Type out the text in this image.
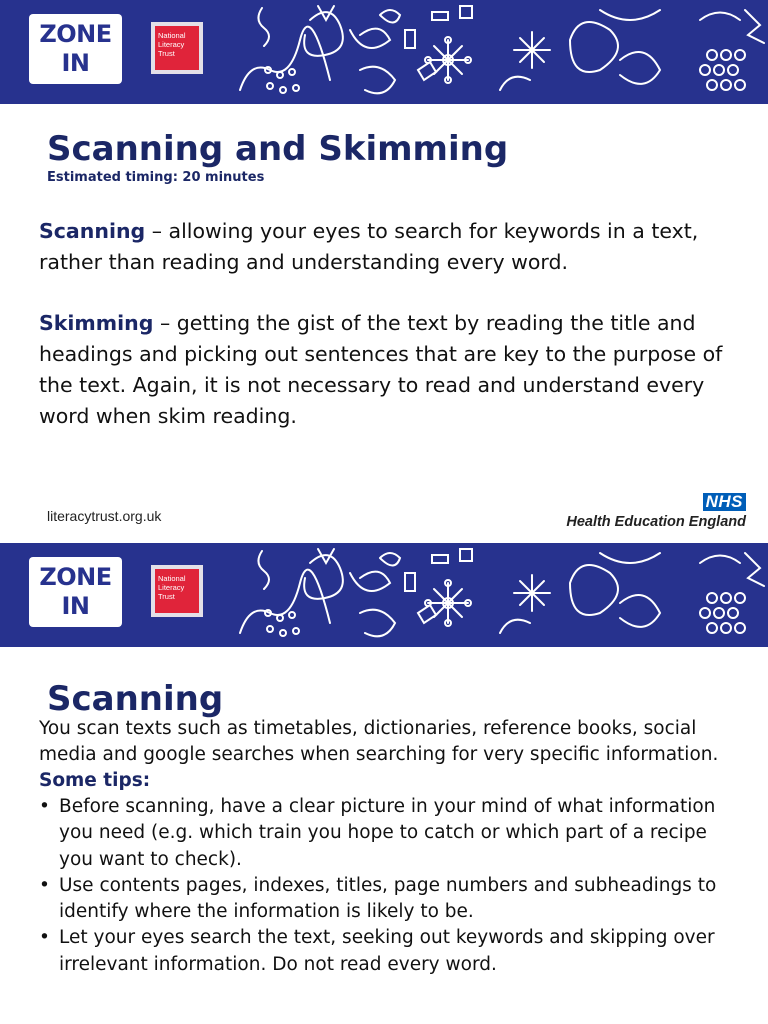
ZONE
IN
National
Literacy
Trust
Scanning and Skimming
Estimated timing: 20 minutes

Scanning – allowing your eyes to search for keywords in a text, rather than reading and understanding every word.

Skimming – getting the gist of the text by reading the title and headings and picking out sentences that are key to the purpose of the text. Again, it is not necessary to read and understand every word when skim reading.

literacytrust.org.uk
NHS
Health Education England
ZONE
IN
National
Literacy
Trust
Scanning

You scan texts such as timetables, dictionaries, reference books, social media and google searches when searching for very specific information.

Some tips:
• Before scanning, have a clear picture in your mind of what information you need (e.g. which train you hope to catch or which part of a recipe you want to check).
• Use contents pages, indexes, titles, page numbers and subheadings to identify where the information is likely to be.
• Let your eyes search the text, seeking out keywords and skipping over irrelevant information. Do not read every word.
